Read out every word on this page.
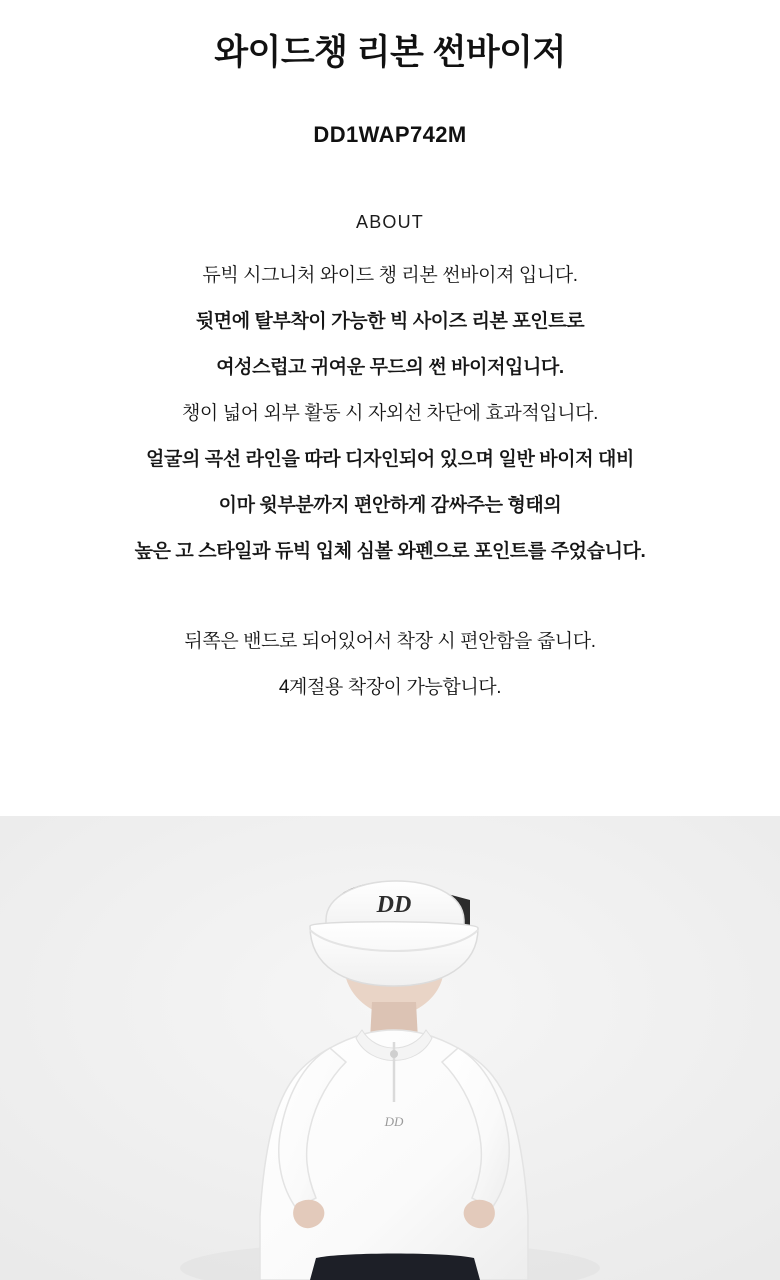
와이드챙 리본 썬바이저
DD1WAP742M
ABOUT

듀빅 시그니처 와이드 챙 리본 썬바이져 입니다.

뒷면에 탈부착이 가능한 빅 사이즈 리본 포인트로

여성스럽고 귀여운 무드의 썬 바이저입니다.

챙이 넓어 외부 활동 시 자외선 차단에 효과적입니다.

얼굴의 곡선 라인을 따라 디자인되어 있으며 일반 바이저 대비

이마 윗부분까지 편안하게 감싸주는 형태의

높은 고 스타일과 듀빅 입체 심볼 와펜으로 포인트를 주었습니다.

뒤쪽은 밴드로 되어있어서 착장 시 편안함을 줍니다.

4계절용 착장이 가능합니다.

DD
DD
